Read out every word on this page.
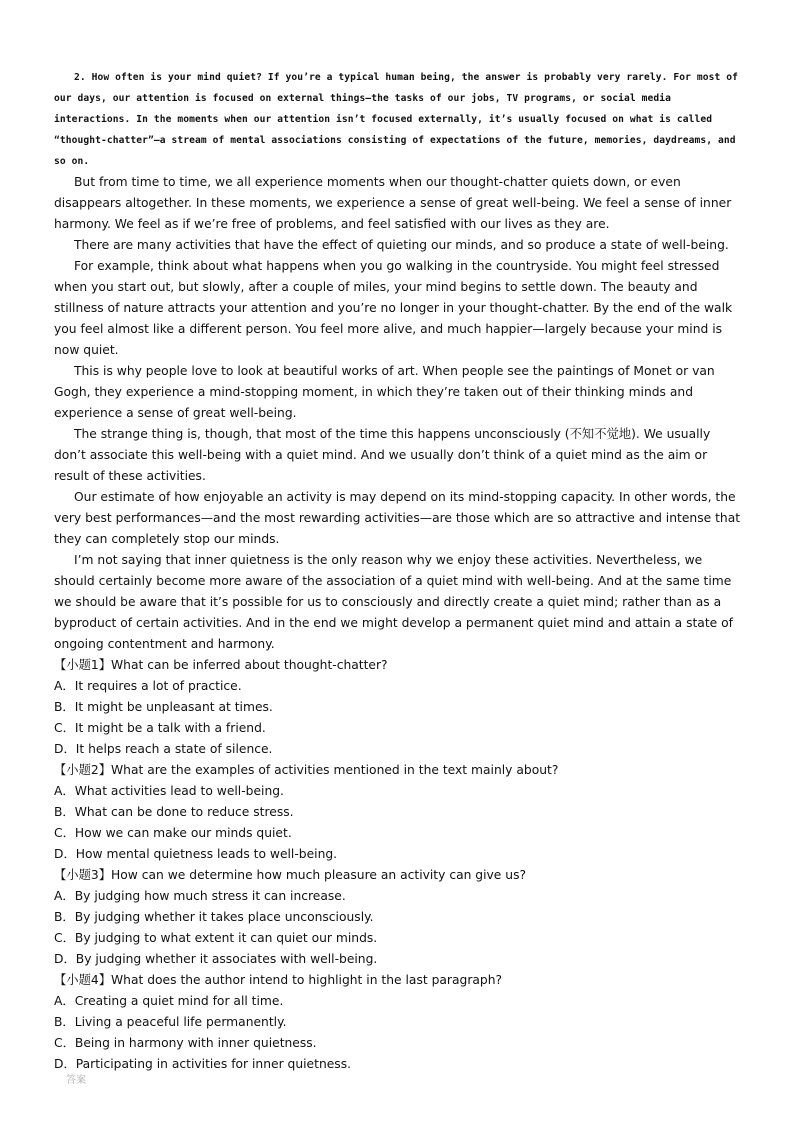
2. How often is your mind quiet? If you’re a typical human being, the answer is probably very rarely. For most of our days, our attention is focused on external things—the tasks of our jobs, TV programs, or social media interactions. In the moments when our attention isn’t focused externally, it’s usually focused on what is called “thought-chatter”—a stream of mental associations consisting of expectations of the future, memories, daydreams, and so on.

But from time to time, we all experience moments when our thought-chatter quiets down, or even disappears altogether. In these moments, we experience a sense of great well-being. We feel a sense of inner harmony. We feel as if we’re free of problems, and feel satisfied with our lives as they are.

There are many activities that have the effect of quieting our minds, and so produce a state of well-being.

For example, think about what happens when you go walking in the countryside. You might feel stressed when you start out, but slowly, after a couple of miles, your mind begins to settle down. The beauty and stillness of nature attracts your attention and you’re no longer in your thought-chatter. By the end of the walk you feel almost like a different person. You feel more alive, and much happier—largely because your mind is now quiet.

This is why people love to look at beautiful works of art. When people see the paintings of Monet or van Gogh, they experience a mind-stopping moment, in which they’re taken out of their thinking minds and experience a sense of great well-being.

The strange thing is, though, that most of the time this happens unconsciously (不知不觉地). We usually don’t associate this well-being with a quiet mind. And we usually don’t think of a quiet mind as the aim or result of these activities.

Our estimate of how enjoyable an activity is may depend on its mind-stopping capacity. In other words, the very best performances—and the most rewarding activities—are those which are so attractive and intense that they can completely stop our minds.

I’m not saying that inner quietness is the only reason why we enjoy these activities. Nevertheless, we should certainly become more aware of the association of a quiet mind with well-being. And at the same time we should be aware that it’s possible for us to consciously and directly create a quiet mind; rather than as a byproduct of certain activities. And in the end we might develop a permanent quiet mind and attain a state of ongoing contentment and harmony.

【小题1】What can be inferred about thought-chatter?

A．It requires a lot of practice.

B．It might be unpleasant at times.

C．It might be a talk with a friend.

D．It helps reach a state of silence.

【小题2】What are the examples of activities mentioned in the text mainly about?

A．What activities lead to well-being.

B．What can be done to reduce stress.

C．How we can make our minds quiet.

D．How mental quietness leads to well-being.

【小题3】How can we determine how much pleasure an activity can give us?

A．By judging how much stress it can increase.

B．By judging whether it takes place unconsciously.

C．By judging to what extent it can quiet our minds.

D．By judging whether it associates with well-being.

【小题4】What does the author intend to highlight in the last paragraph?

A．Creating a quiet mind for all time.

B．Living a peaceful life permanently.

C．Being in harmony with inner quietness.

D．Participating in activities for inner quietness.

答案
